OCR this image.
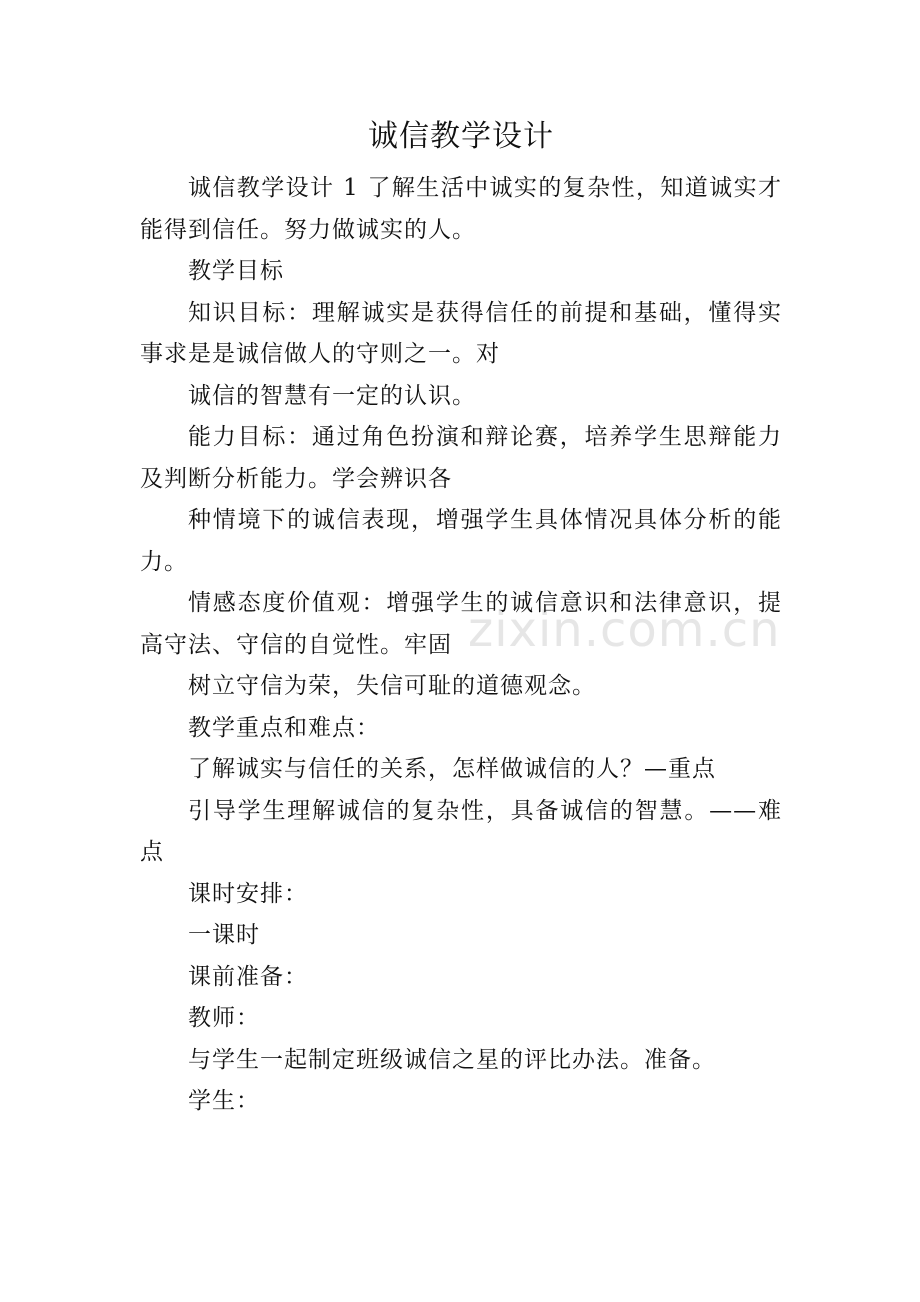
zixin.com.cn
诚信教学设计

诚信教学设计 1 了解生活中诚实的复杂性，知道诚实才能得到信任。努力做诚实的人。

教学目标

知识目标：理解诚实是获得信任的前提和基础，懂得实事求是是诚信做人的守则之一。对

诚信的智慧有一定的认识。

能力目标：通过角色扮演和辩论赛，培养学生思辩能力及判断分析能力。学会辨识各

种情境下的诚信表现，增强学生具体情况具体分析的能力。

情感态度价值观：增强学生的诚信意识和法律意识，提高守法、守信的自觉性。牢固

树立守信为荣，失信可耻的道德观念。

教学重点和难点：

了解诚实与信任的关系，怎样做诚信的人？—重点

引导学生理解诚信的复杂性，具备诚信的智慧。——难点

课时安排：

一课时

课前准备：

教师：

与学生一起制定班级诚信之星的评比办法。准备。

学生：
